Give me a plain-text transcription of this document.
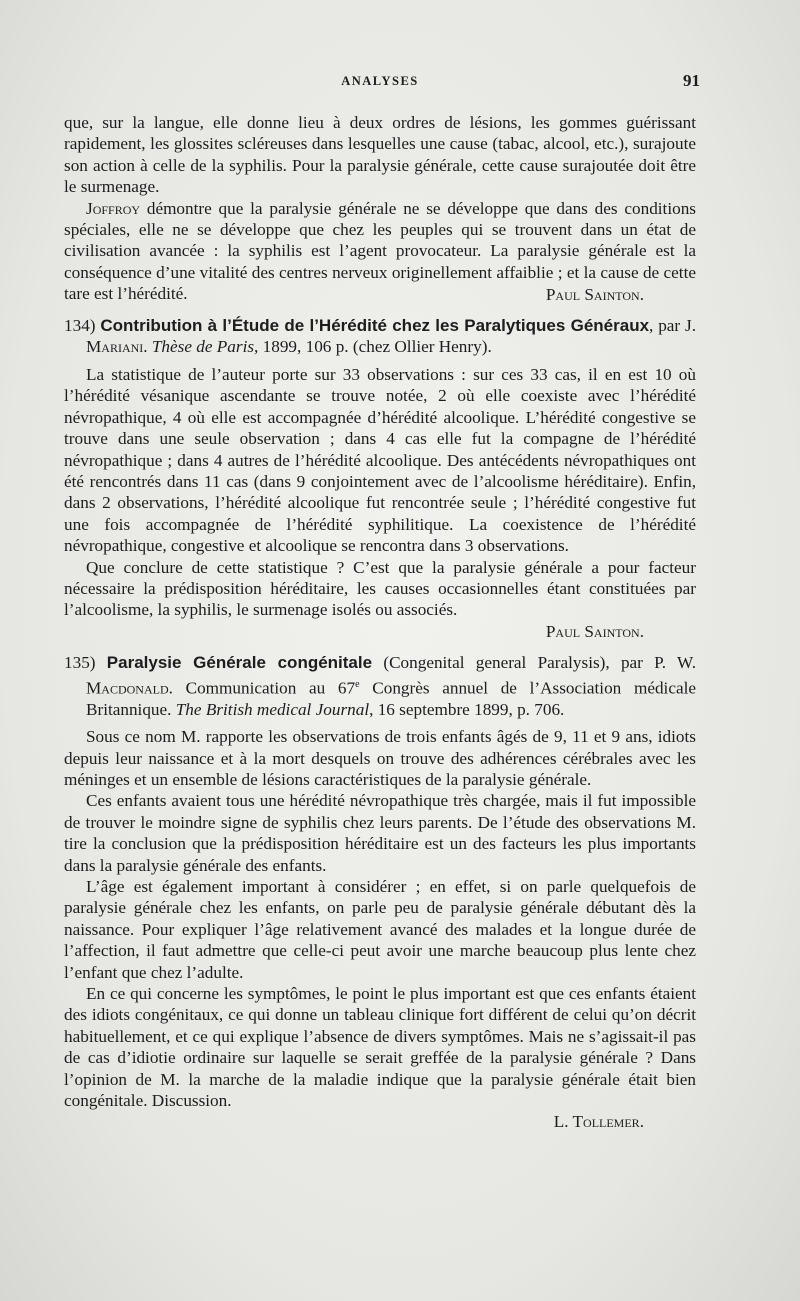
ANALYSES	91

que, sur la langue, elle donne lieu à deux ordres de lésions, les gommes guérissant rapidement, les glossites scléreuses dans lesquelles une cause (tabac, alcool, etc.), surajoute son action à celle de la syphilis. Pour la paralysie générale, cette cause surajoutée doit être le surmenage.

Joffroy démontre que la paralysie générale ne se développe que dans des conditions spéciales, elle ne se développe que chez les peuples qui se trouvent dans un état de civilisation avancée : la syphilis est l’agent provocateur. La paralysie générale est la conséquence d’une vitalité des centres nerveux originellement affaiblie ; et la cause de cette tare est l’hérédité.	Paul Sainton.

134) Contribution à l’Étude de l’Hérédité chez les Paralytiques Généraux, par J. Mariani. Thèse de Paris, 1899, 106 p. (chez Ollier Henry).

La statistique de l’auteur porte sur 33 observations : sur ces 33 cas, il en est 10 où l’hérédité vésanique ascendante se trouve notée, 2 où elle coexiste avec l’hérédité névropathique, 4 où elle est accompagnée d’hérédité alcoolique. L’hérédité congestive se trouve dans une seule observation ; dans 4 cas elle fut la compagne de l’hérédité névropathique ; dans 4 autres de l’hérédité alcoolique. Des antécédents névropathiques ont été rencontrés dans 11 cas (dans 9 conjointement avec de l’alcoolisme héréditaire). Enfin, dans 2 observations, l’hérédité alcoolique fut rencontrée seule ; l’hérédité congestive fut une fois accompagnée de l’hérédité syphilitique. La coexistence de l’hérédité névropathique, congestive et alcoolique se rencontra dans 3 observations.

Que conclure de cette statistique ? C’est que la paralysie générale a pour facteur nécessaire la prédisposition héréditaire, les causes occasionnelles étant constituées par l’alcoolisme, la syphilis, le surmenage isolés ou associés.

Paul Sainton.

135) Paralysie Générale congénitale (Congenital general Paralysis), par P. W. Macdonald. Communication au 67e Congrès annuel de l’Association médicale Britannique. The British medical Journal, 16 septembre 1899, p. 706.

Sous ce nom M. rapporte les observations de trois enfants âgés de 9, 11 et 9 ans, idiots depuis leur naissance et à la mort desquels on trouve des adhérences cérébrales avec les méninges et un ensemble de lésions caractéristiques de la paralysie générale.

Ces enfants avaient tous une hérédité névropathique très chargée, mais il fut impossible de trouver le moindre signe de syphilis chez leurs parents. De l’étude des observations M. tire la conclusion que la prédisposition héréditaire est un des facteurs les plus importants dans la paralysie générale des enfants.

L’âge est également important à considérer ; en effet, si on parle quelquefois de paralysie générale chez les enfants, on parle peu de paralysie générale débutant dès la naissance. Pour expliquer l’âge relativement avancé des malades et la longue durée de l’affection, il faut admettre que celle-ci peut avoir une marche beaucoup plus lente chez l’enfant que chez l’adulte.

En ce qui concerne les symptômes, le point le plus important est que ces enfants étaient des idiots congénitaux, ce qui donne un tableau clinique fort différent de celui qu’on décrit habituellement, et ce qui explique l’absence de divers symptômes. Mais ne s’agissait-il pas de cas d’idiotie ordinaire sur laquelle se serait greffée de la paralysie générale ? Dans l’opinion de M. la marche de la maladie indique que la paralysie générale était bien congénitale. Discussion.

L. Tollemer.
